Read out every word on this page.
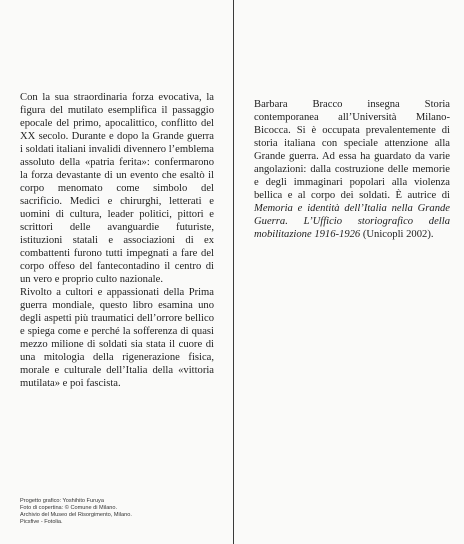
Con la sua straordinaria forza evocativa, la figura del mutilato esemplifica il passaggio epocale del primo, apocalittico, conflitto del XX secolo. Durante e dopo la Grande guerra i soldati italiani invalidi divennero l’emblema assoluto della «patria ferita»: confermarono la forza devastante di un evento che esaltò il corpo menomato come simbolo del sacrificio. Medici e chirurghi, letterati e uomini di cultura, leader politici, pittori e scrittori delle avanguardie futuriste, istituzioni statali e associazioni di ex combattenti furono tutti impegnati a fare del corpo offeso del fantecontadino il centro di un vero e proprio culto nazionale.

Rivolto a cultori e appassionati della Prima guerra mondiale, questo libro esamina uno degli aspetti più traumatici dell’orrore bellico e spiega come e perché la sofferenza di quasi mezzo milione di soldati sia stata il cuore di una mitologia della rigenerazione fisica, morale e culturale dell’Italia della «vittoria mutilata» e poi fascista.

Barbara Bracco insegna Storia contemporanea all’Università Milano-Bicocca. Si è occupata prevalentemente di storia italiana con speciale attenzione alla Grande guerra. Ad essa ha guardato da varie angolazioni: dalla costruzione delle memorie e degli immaginari popolari alla violenza bellica e al corpo dei soldati. È autrice di Memoria e identità dell’Italia nella Grande Guerra. L’Ufficio storiografico della mobilitazione 1916-1926 (Unicopli 2002).

Progetto grafico: Yoshihito Furuya
Foto di copertina: © Comune di Milano.
Archivio del Museo del Risorgimento, Milano.
Picsfive - Fotolia.
